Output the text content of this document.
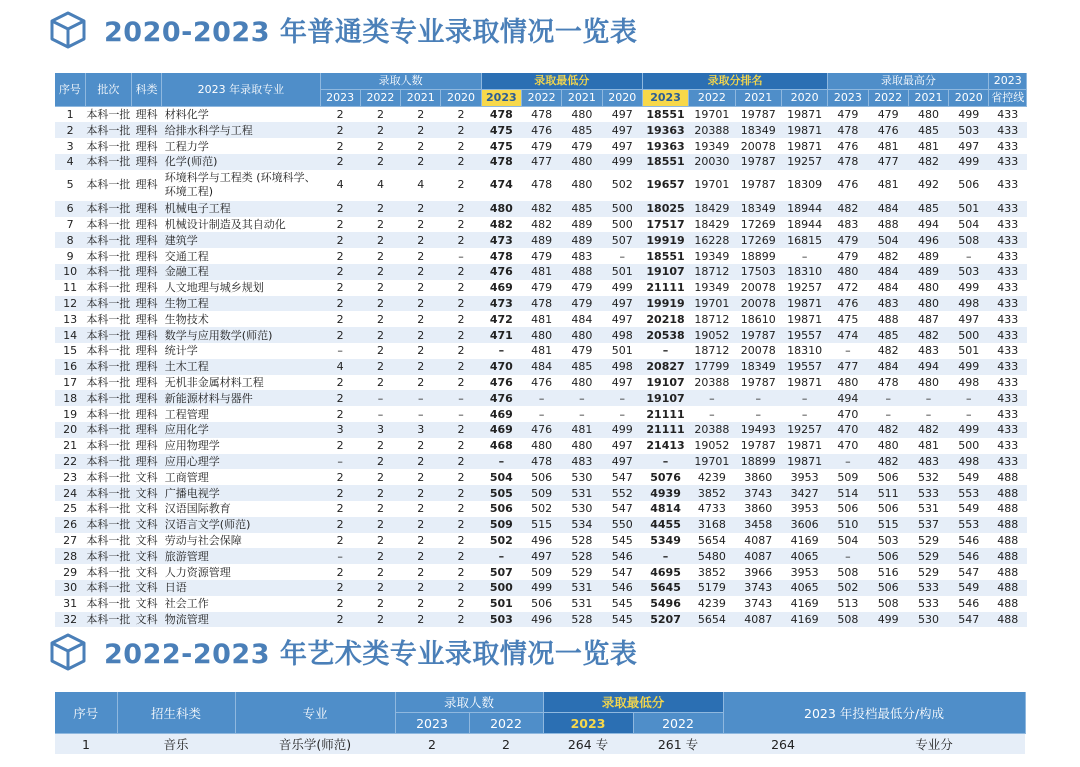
2020-2023 年普通类专业录取情况一览表
序号	批次	科类	2023 年录取专业	录取人数				录取最低分				录取分排名				录取最高分				2023
				2023	2022	2021	2020	2023	2022	2021	2020	2023	2022	2021	2020	2023	2022	2021	2020	省控线
1	本科一批	理科	材料化学	2	2	2	2	478	478	480	497	18551	19701	19787	19871	479	479	480	499	433
2	本科一批	理科	给排水科学与工程	2	2	2	2	475	476	485	497	19363	20388	18349	19871	478	476	485	503	433
3	本科一批	理科	工程力学	2	2	2	2	475	479	479	497	19363	19349	20078	19871	476	481	481	497	433
4	本科一批	理科	化学(师范)	2	2	2	2	478	477	480	499	18551	20030	19787	19257	478	477	482	499	433
5	本科一批	理科	环境科学与工程类 (环境科学、环境工程)	4	4	4	2	474	478	480	502	19657	19701	19787	18309	476	481	492	506	433
6	本科一批	理科	机械电子工程	2	2	2	2	480	482	485	500	18025	18429	18349	18944	482	484	485	501	433
7	本科一批	理科	机械设计制造及其自动化	2	2	2	2	482	482	489	500	17517	18429	17269	18944	483	488	494	504	433
8	本科一批	理科	建筑学	2	2	2	2	473	489	489	507	19919	16228	17269	16815	479	504	496	508	433
9	本科一批	理科	交通工程	2	2	2	–	478	479	483	–	18551	19349	18899	–	479	482	489	–	433
10	本科一批	理科	金融工程	2	2	2	2	476	481	488	501	19107	18712	17503	18310	480	484	489	503	433
11	本科一批	理科	人文地理与城乡规划	2	2	2	2	469	479	479	499	21111	19349	20078	19257	472	484	480	499	433
12	本科一批	理科	生物工程	2	2	2	2	473	478	479	497	19919	19701	20078	19871	476	483	480	498	433
13	本科一批	理科	生物技术	2	2	2	2	472	481	484	497	20218	18712	18610	19871	475	488	487	497	433
14	本科一批	理科	数学与应用数学(师范)	2	2	2	2	471	480	480	498	20538	19052	19787	19557	474	485	482	500	433
15	本科一批	理科	统计学	–	2	2	2	–	481	479	501	–	18712	20078	18310	–	482	483	501	433
16	本科一批	理科	土木工程	4	2	2	2	470	484	485	498	20827	17799	18349	19557	477	484	494	499	433
17	本科一批	理科	无机非金属材料工程	2	2	2	2	476	476	480	497	19107	20388	19787	19871	480	478	480	498	433
18	本科一批	理科	新能源材料与器件	2	–	–	–	476	–	–	–	19107	–	–	–	494	–	–	–	433
19	本科一批	理科	工程管理	2	–	–	–	469	–	–	–	21111	–	–	–	470	–	–	–	433
20	本科一批	理科	应用化学	3	3	3	2	469	476	481	499	21111	20388	19493	19257	470	482	482	499	433
21	本科一批	理科	应用物理学	2	2	2	2	468	480	480	497	21413	19052	19787	19871	470	480	481	500	433
22	本科一批	理科	应用心理学	–	2	2	2	–	478	483	497	–	19701	18899	19871	–	482	483	498	433
23	本科一批	文科	工商管理	2	2	2	2	504	506	530	547	5076	4239	3860	3953	509	506	532	549	488
24	本科一批	文科	广播电视学	2	2	2	2	505	509	531	552	4939	3852	3743	3427	514	511	533	553	488
25	本科一批	文科	汉语国际教育	2	2	2	2	506	502	530	547	4814	4733	3860	3953	506	506	531	549	488
26	本科一批	文科	汉语言文学(师范)	2	2	2	2	509	515	534	550	4455	3168	3458	3606	510	515	537	553	488
27	本科一批	文科	劳动与社会保障	2	2	2	2	502	496	528	545	5349	5654	4087	4169	504	503	529	546	488
28	本科一批	文科	旅游管理	–	2	2	2	–	497	528	546	–	5480	4087	4065	–	506	529	546	488
29	本科一批	文科	人力资源管理	2	2	2	2	507	509	529	547	4695	3852	3966	3953	508	516	529	547	488
30	本科一批	文科	日语	2	2	2	2	500	499	531	546	5645	5179	3743	4065	502	506	533	549	488
31	本科一批	文科	社会工作	2	2	2	2	501	506	531	545	5496	4239	3743	4169	513	508	533	546	488
32	本科一批	文科	物流管理	2	2	2	2	503	496	528	545	5207	5654	4087	4169	508	499	530	547	488
2022-2023 年艺术类专业录取情况一览表
序号	招生科类	专业	录取人数		录取最低分		2023 年投档最低分/构成	
			2023	2022	2023	2022		
1	音乐	音乐学(师范)	2	2	264 专	261 专	264	专业分
